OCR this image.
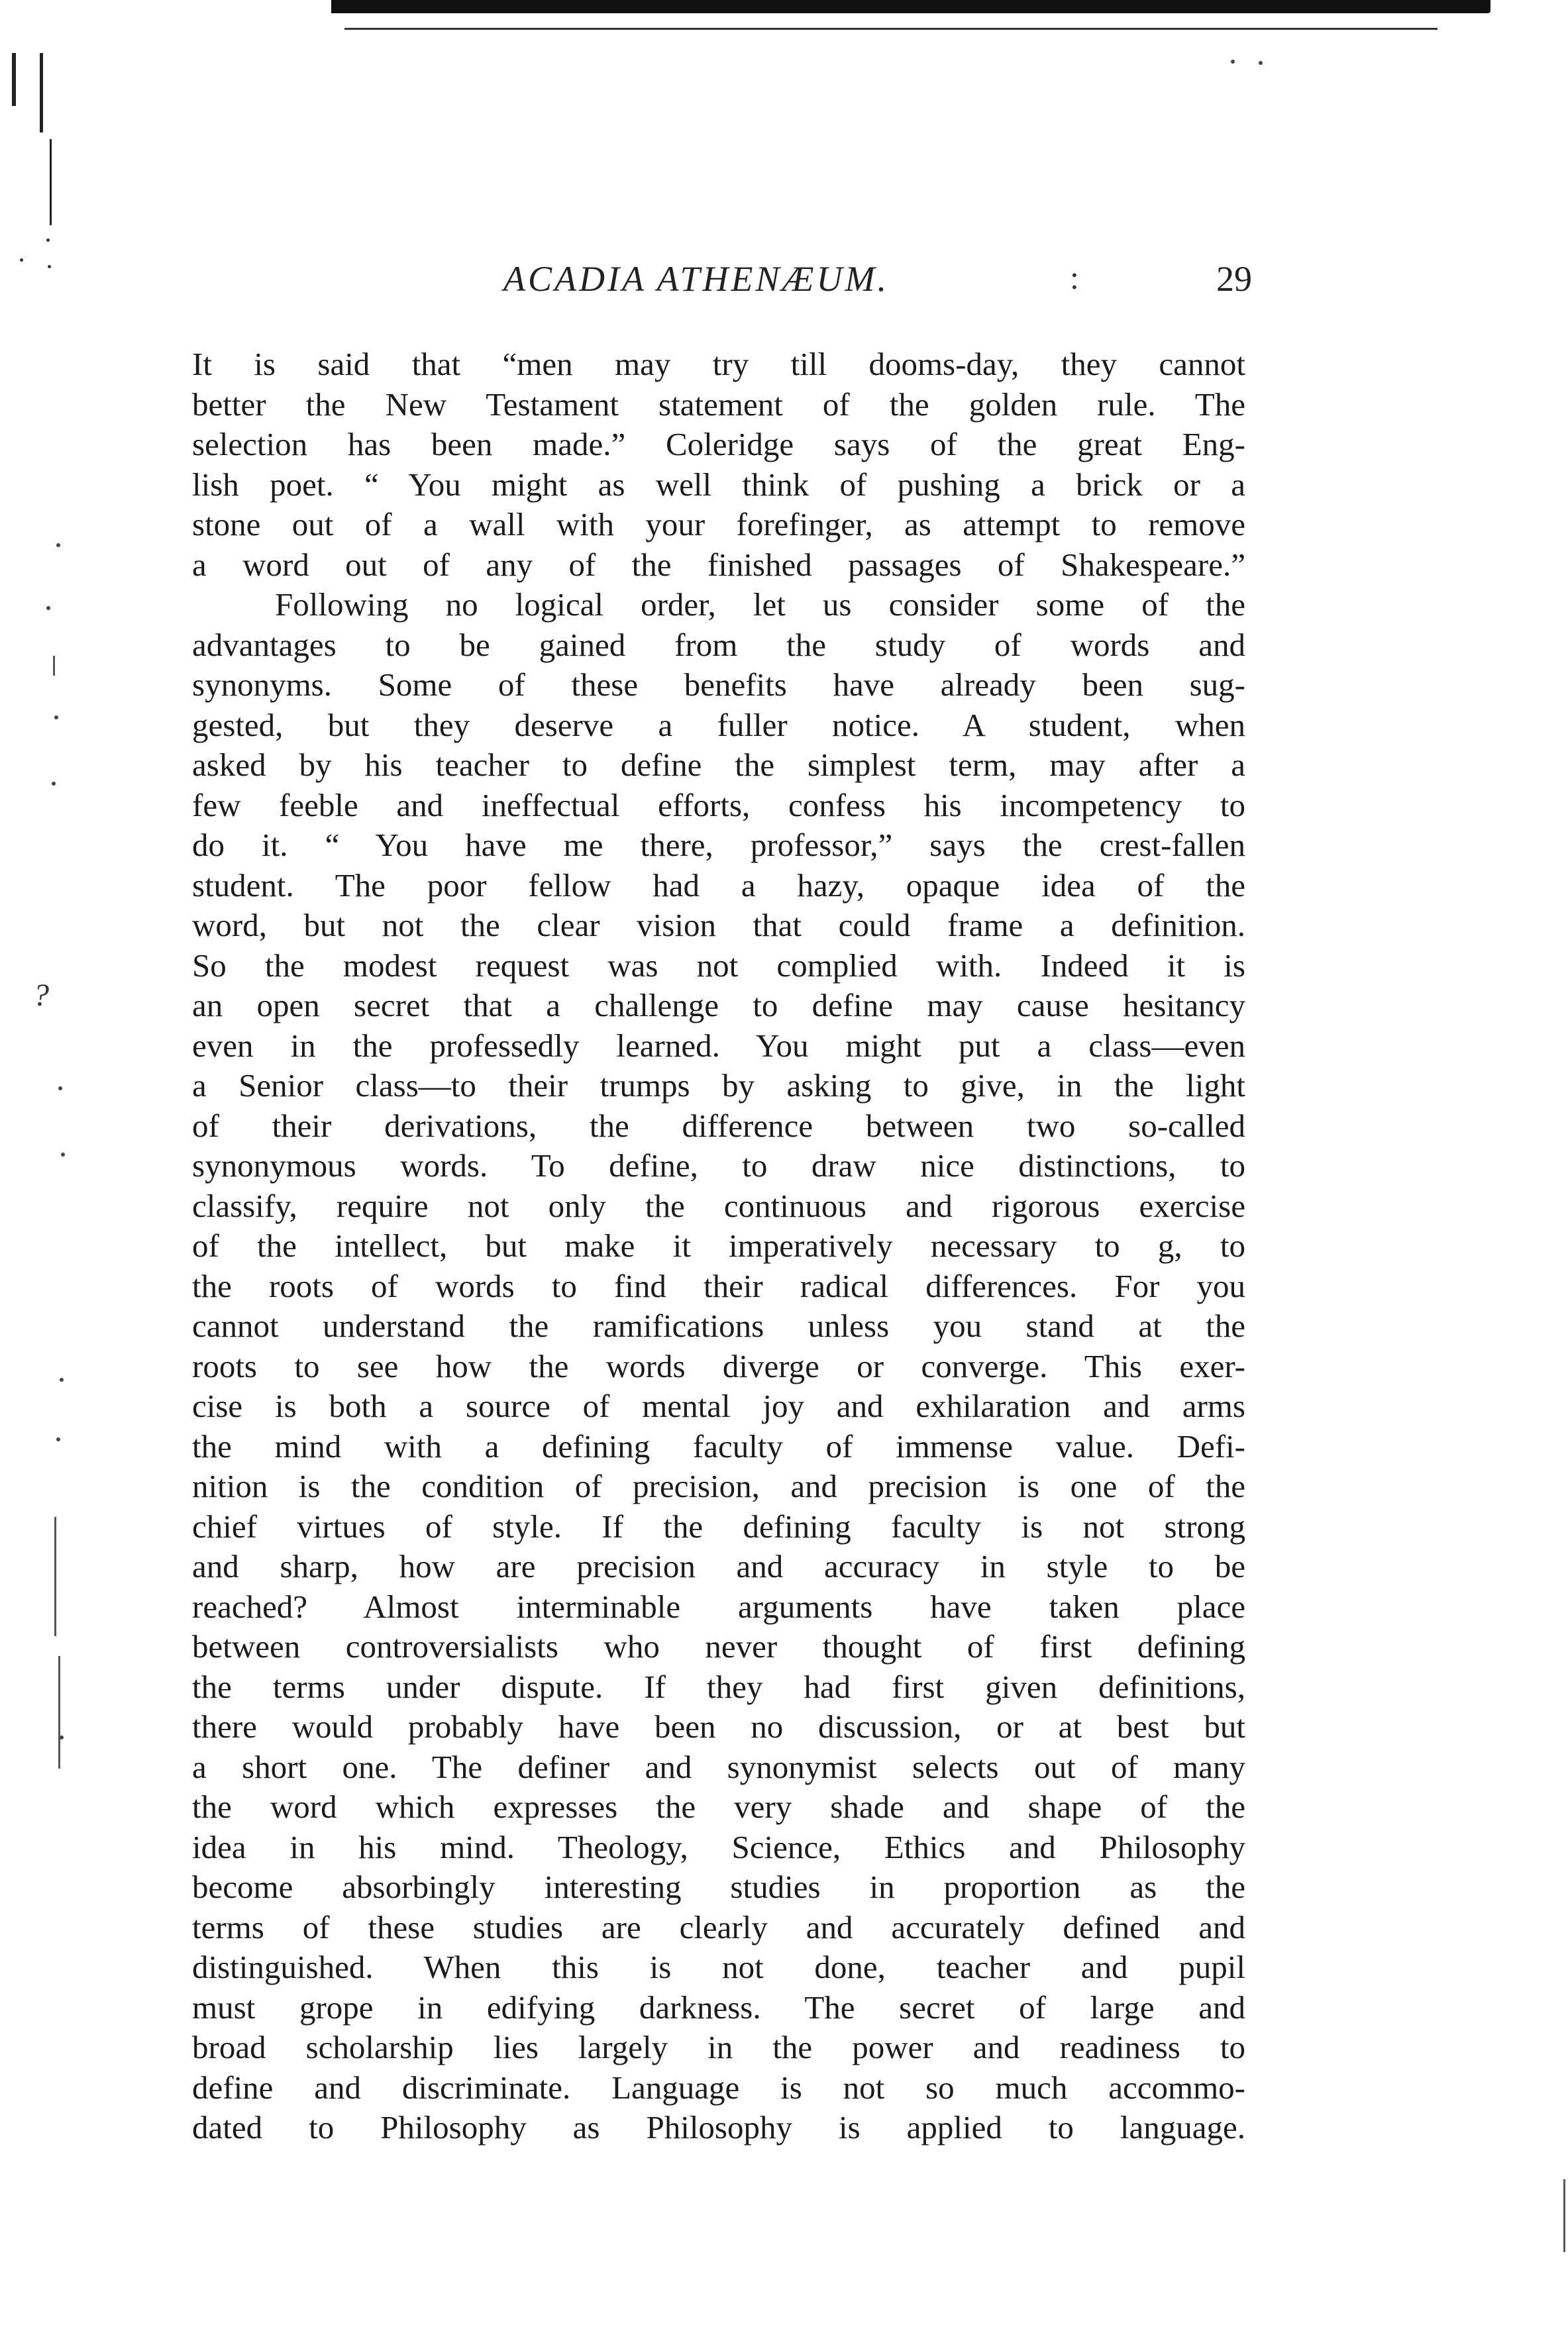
?
ACADIA ATHENÆUM.	:	29
It is said that “men may try till dooms-day, they cannot
better the New Testament statement of the golden rule. The
selection has been made.” Coleridge says of the great Eng-
lish poet. “ You might as well think of pushing a brick or a
stone out of a wall with your forefinger, as attempt to remove
a word out of any of the finished passages of Shakespeare.”
Following no logical order, let us consider some of the
advantages to be gained from the study of words and
synonyms. Some of these benefits have already been sug-
gested, but they deserve a fuller notice. A student, when
asked by his teacher to define the simplest term, may after a
few feeble and ineffectual efforts, confess his incompetency to
do it. “ You have me there, professor,” says the crest-fallen
student. The poor fellow had a hazy, opaque idea of the
word, but not the clear vision that could frame a definition.
So the modest request was not complied with. Indeed it is
an open secret that a challenge to define may cause hesitancy
even in the professedly learned. You might put a class—even
a Senior class—to their trumps by asking to give, in the light
of their derivations, the difference between two so-called
synonymous words. To define, to draw nice distinctions, to
classify, require not only the continuous and rigorous exercise
of the intellect, but make it imperatively necessary to g, to
the roots of words to find their radical differences. For you
cannot understand the ramifications unless you stand at the
roots to see how the words diverge or converge. This exer-
cise is both a source of mental joy and exhilaration and arms
the mind with a defining faculty of immense value. Defi-
nition is the condition of precision, and precision is one of the
chief virtues of style. If the defining faculty is not strong
and sharp, how are precision and accuracy in style to be
reached? Almost interminable arguments have taken place
between controversialists who never thought of first defining
the terms under dispute. If they had first given definitions,
there would probably have been no discussion, or at best but
a short one. The definer and synonymist selects out of many
the word which expresses the very shade and shape of the
idea in his mind. Theology, Science, Ethics and Philosophy
become absorbingly interesting studies in proportion as the
terms of these studies are clearly and accurately defined and
distinguished. When this is not done, teacher and pupil
must grope in edifying darkness. The secret of large and
broad scholarship lies largely in the power and readiness to
define and discriminate. Language is not so much accommo-
dated to Philosophy as Philosophy is applied to language.
